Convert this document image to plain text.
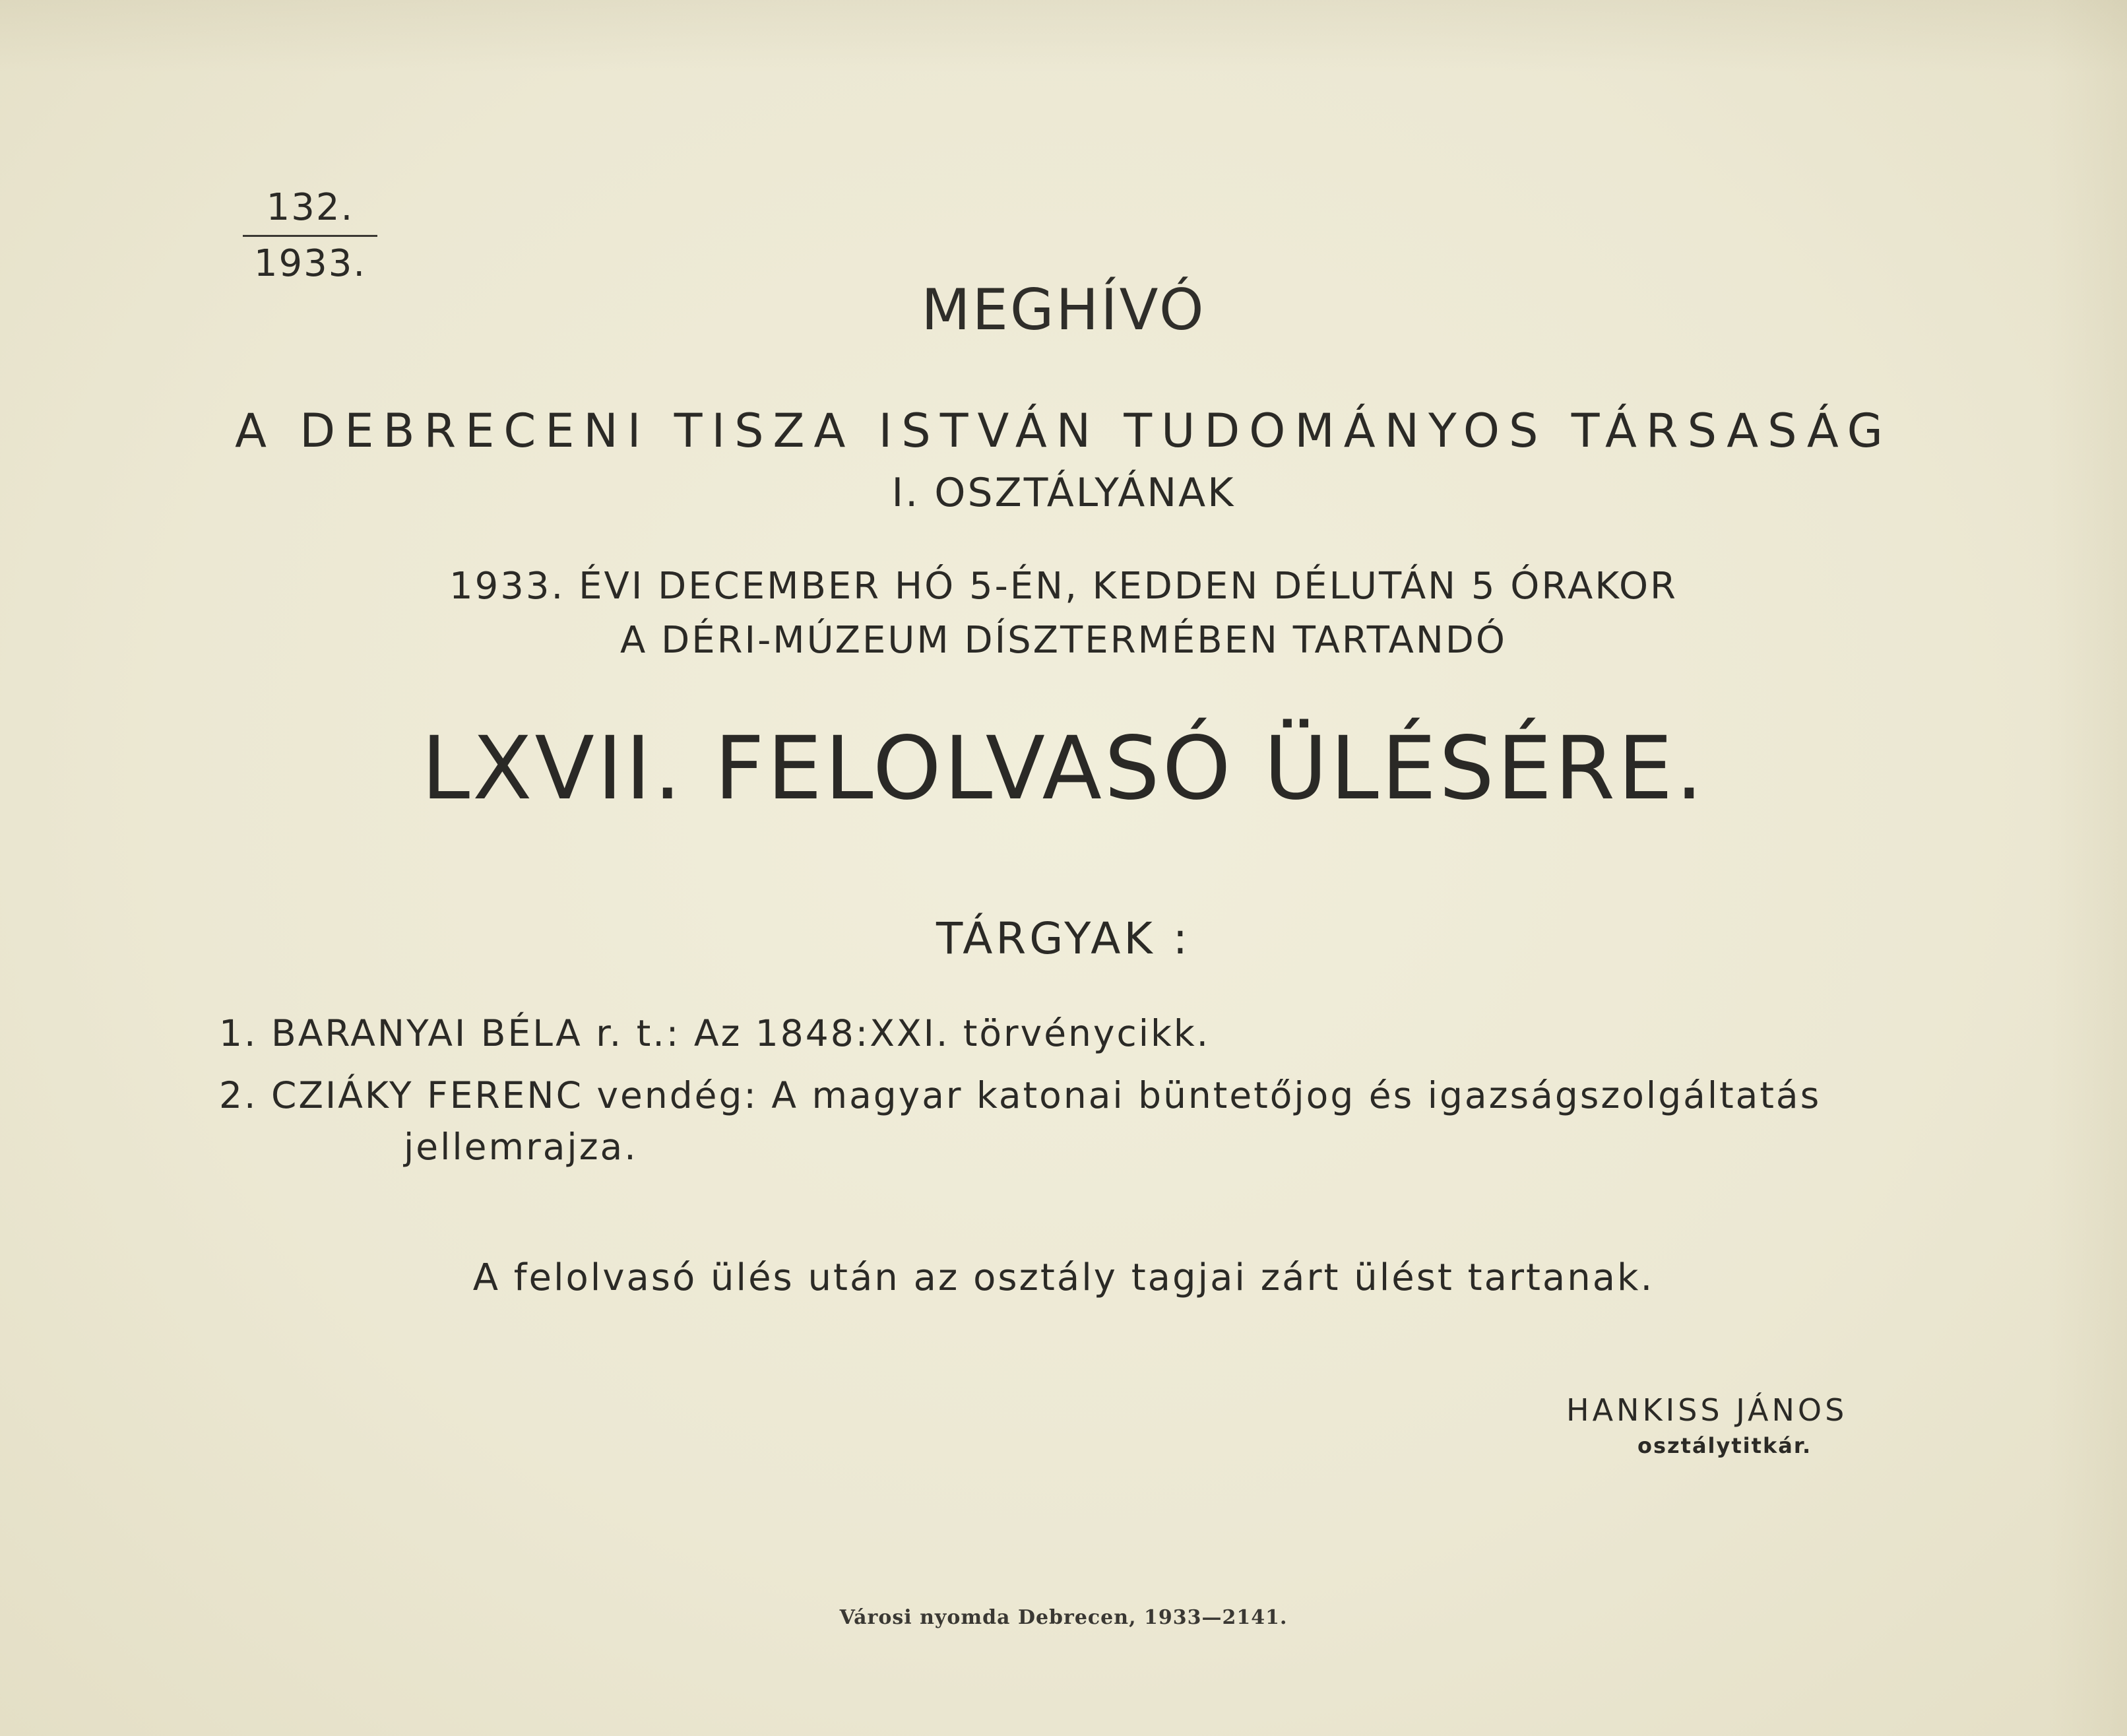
$\frac{132.}{1933.}$
MEGHÍVÓ
A DEBRECENI TISZA ISTVÁN TUDOMÁNYOS TÁRSASÁG
I. OSZTÁLYÁNAK
1933. ÉVI DECEMBER HÓ 5-ÉN, KEDDEN DÉLUTÁN 5 ÓRAKOR
A DÉRI-MÚZEUM DÍSZTERMÉBEN TARTANDÓ
LXVII. FELOLVASÓ ÜLÉSÉRE.
TÁRGYAK :
1. BARANYAI BÉLA r. t.: Az 1848:XXI. törvénycikk.
2. CZIÁKY FERENC vendég: A magyar katonai büntetőjog és igazságszolgáltatás
jellemrajza.
A felolvasó ülés után az osztály tagjai zárt ülést tartanak.
HANKISS JÁNOS
osztálytitkár.
Városi nyomda Debrecen, 1933—2141.
